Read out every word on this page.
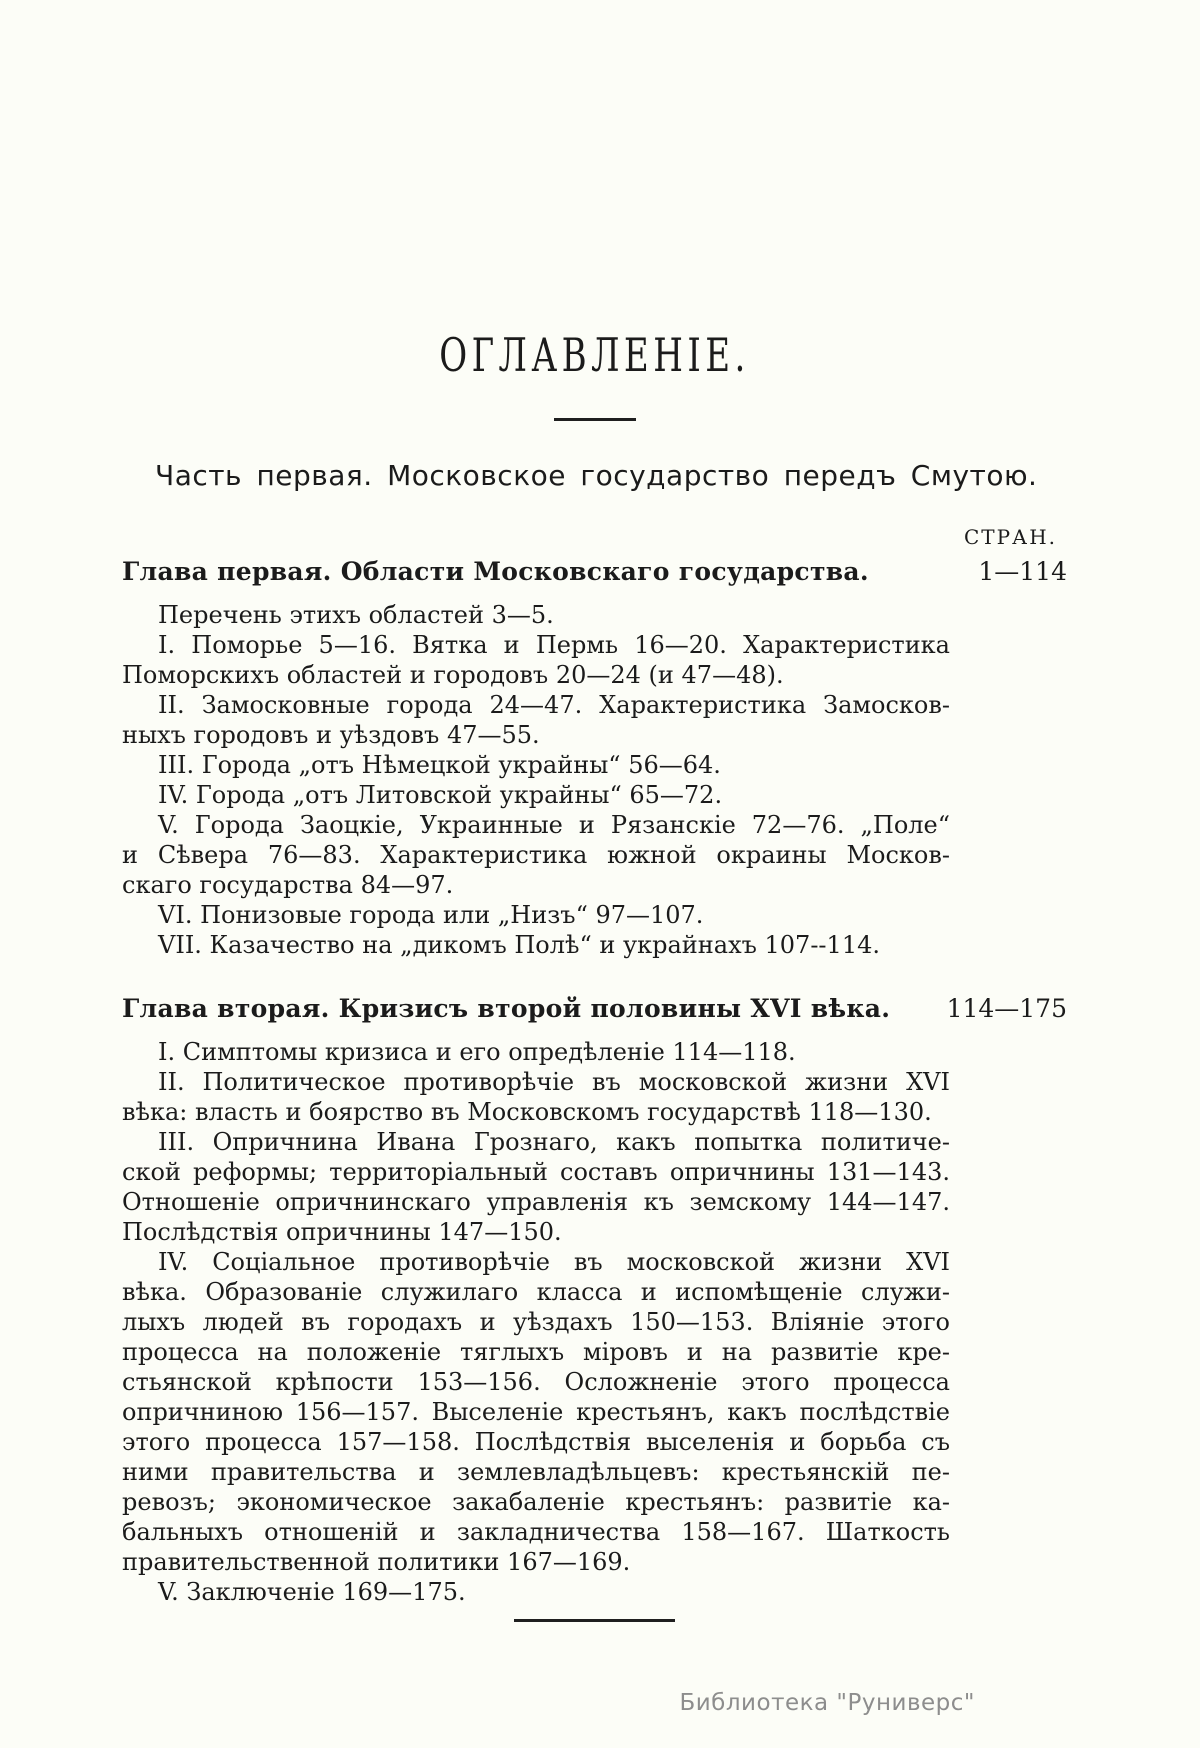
ОГЛАВЛЕНІЕ.
Часть первая. Московское государство передъ Смутою.
СТРАН.
Глава первая. Области Московскаго государства.	1—114
Перечень этихъ областей 3—5.
I. Поморье 5—16. Вятка и Пермь 16—20. Характеристика
Поморскихъ областей и городовъ 20—24 (и 47—48).
II. Замосковные города 24—47. Характеристика Замосков-
ныхъ городовъ и уѣздовъ 47—55.
III. Города „отъ Нѣмецкой украйны“ 56—64.
IV. Города „отъ Литовской украйны“ 65—72.
V. Города Заоцкіе, Украинные и Рязанскіе 72—76. „Поле“
и Сѣвера 76—83. Характеристика южной окраины Москов-
скаго государства 84—97.
VI. Понизовые города или „Низъ“ 97—107.
VII. Казачество на „дикомъ Полѣ“ и украйнахъ 107--114.
Глава вторая. Кризисъ второй половины XVI вѣка. 114—175
I. Симптомы кризиса и его опредѣленіе 114—118.
II. Политическое противорѣчіе въ московской жизни XVI
вѣка: власть и боярство въ Московскомъ государствѣ 118—130.
III. Опричнина Ивана Грознаго, какъ попытка политиче-
ской реформы; территоріальный составъ опричнины 131—143.
Отношеніе опричнинскаго управленія къ земскому 144—147.
Послѣдствія опричнины 147—150.
IV. Соціальное противорѣчіе въ московской жизни XVI
вѣка. Образованіе служилаго класса и испомѣщеніе служи-
лыхъ людей въ городахъ и уѣздахъ 150—153. Вліяніе этого
процесса на положеніе тяглыхъ міровъ и на развитіе кре-
стьянской крѣпости 153—156. Осложненіе этого процесса
опричниною 156—157. Выселеніе крестьянъ, какъ послѣдствіе
этого процесса 157—158. Послѣдствія выселенія и борьба съ
ними правительства и землевладѣльцевъ: крестьянскій пе-
ревозъ; экономическое закабаленіе крестьянъ: развитіе ка-
бальныхъ отношеній и закладничества 158—167. Шаткость
правительственной политики 167—169.
V. Заключеніе 169—175.
Библиотека "Руниверс"
